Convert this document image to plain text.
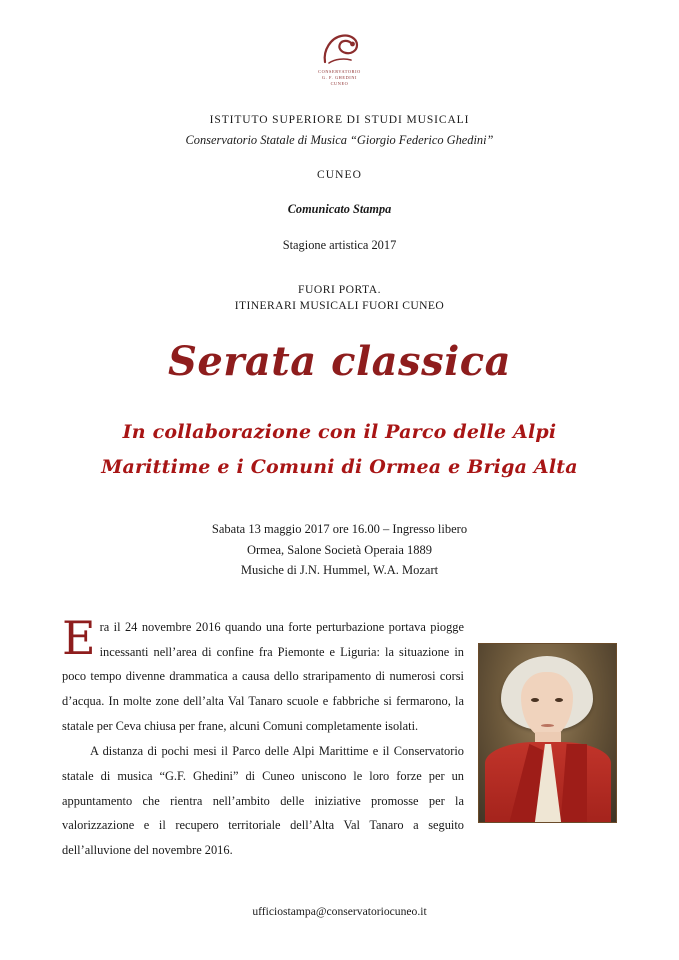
CONSERVATORIO
G. F. GHEDINI
CUNEO
ISTITUTO SUPERIORE DI STUDI MUSICALI
Conservatorio Statale di Musica “Giorgio Federico Ghedini”
CUNEO
Comunicato Stampa
Stagione artistica 2017
FUORI PORTA.
ITINERARI MUSICALI FUORI CUNEO
Serata classica
In collaborazione con il Parco delle Alpi
Marittime e i Comuni di Ormea e Briga Alta
Sabata 13 maggio 2017 ore 16.00 – Ingresso libero
Ormea, Salone Società Operaia 1889
Musiche di J.N. Hummel, W.A. Mozart

Era il 24 novembre 2016 quando una forte perturbazione portava piogge incessanti nell’area di confine fra Piemonte e Liguria: la situazione in poco tempo divenne drammatica a causa dello straripamento di numerosi corsi d’acqua. In molte zone dell’alta Val Tanaro scuole e fabbriche si fermarono, la statale per Ceva chiusa per frane, alcuni Comuni completamente isolati.

A distanza di pochi mesi il Parco delle Alpi Marittime e il Conservatorio statale di musica “G.F. Ghedini” di Cuneo uniscono le loro forze per un appuntamento che rientra nell’ambito delle iniziative promosse per la valorizzazione e il recupero territoriale dell’Alta Val Tanaro a seguito dell’alluvione del novembre 2016.

ufficiostampa@conservatoriocuneo.it
